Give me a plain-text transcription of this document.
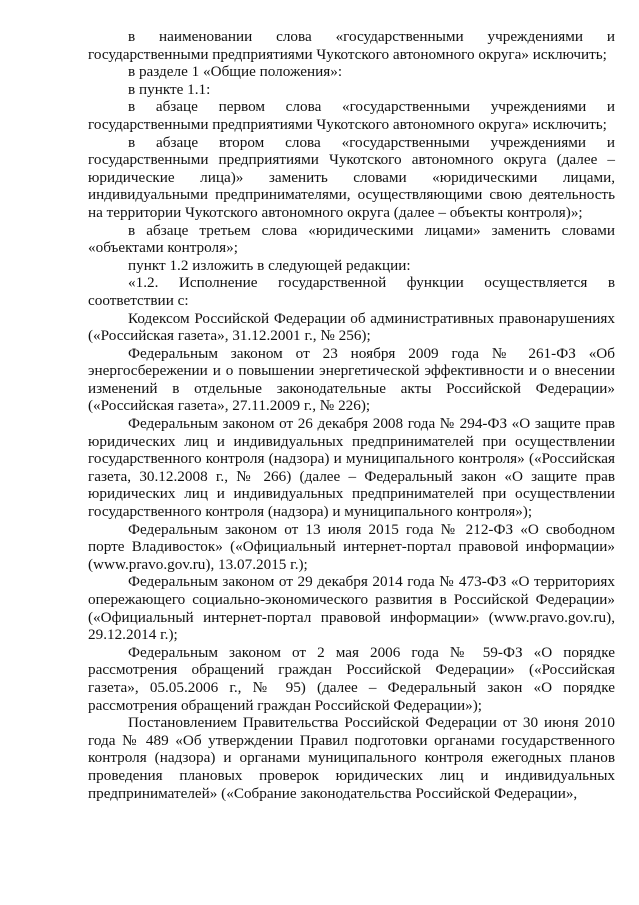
в наименовании слова «государственными учреждениями и государственными предприятиями Чукотского автономного округа» исключить;

в разделе 1 «Общие положения»:

в пункте 1.1:

в абзаце первом слова «государственными учреждениями и государственными предприятиями Чукотского автономного округа» исключить;

в абзаце втором слова «государственными учреждениями и государственными предприятиями Чукотского автономного округа (далее – юридические лица)» заменить словами «юридическими лицами, индивидуальными предпринимателями, осуществляющими свою деятельность на территории Чукотского автономного округа (далее – объекты контроля)»;

в абзаце третьем слова «юридическими лицами» заменить словами «объектами контроля»;

пункт 1.2 изложить в следующей редакции:

«1.2. Исполнение государственной функции осуществляется в соответствии с:

Кодексом Российской Федерации об административных правонарушениях («Российская газета», 31.12.2001 г., № 256);

Федеральным законом от 23 ноября 2009 года № 261-ФЗ «Об энергосбережении и о повышении энергетической эффективности и о внесении изменений в отдельные законодательные акты Российской Федерации» («Российская газета», 27.11.2009 г., № 226);

Федеральным законом от 26 декабря 2008 года № 294-ФЗ «О защите прав юридических лиц и индивидуальных предпринимателей при осуществлении государственного контроля (надзора) и муниципального контроля» («Российская газета, 30.12.2008 г., № 266) (далее – Федеральный закон «О защите прав юридических лиц и индивидуальных предпринимателей при осуществлении государственного контроля (надзора) и муниципального контроля»);

Федеральным законом от 13 июля 2015 года № 212-ФЗ «О свободном порте Владивосток» («Официальный интернет-портал правовой информации» (www.pravo.gov.ru), 13.07.2015 г.);

Федеральным законом от 29 декабря 2014 года № 473-ФЗ «О территориях опережающего социально-экономического развития в Российской Федерации» («Официальный интернет-портал правовой информации» (www.pravo.gov.ru), 29.12.2014 г.);

Федеральным законом от 2 мая 2006 года № 59-ФЗ «О порядке рассмотрения обращений граждан Российской Федерации» («Российская газета», 05.05.2006 г., № 95) (далее – Федеральный закон «О порядке рассмотрения обращений граждан Российской Федерации»);

Постановлением Правительства Российской Федерации от 30 июня 2010 года № 489 «Об утверждении Правил подготовки органами государственного контроля (надзора) и органами муниципального контроля ежегодных планов проведения плановых проверок юридических лиц и индивидуальных предпринимателей» («Собрание законодательства Российской Федерации»,
